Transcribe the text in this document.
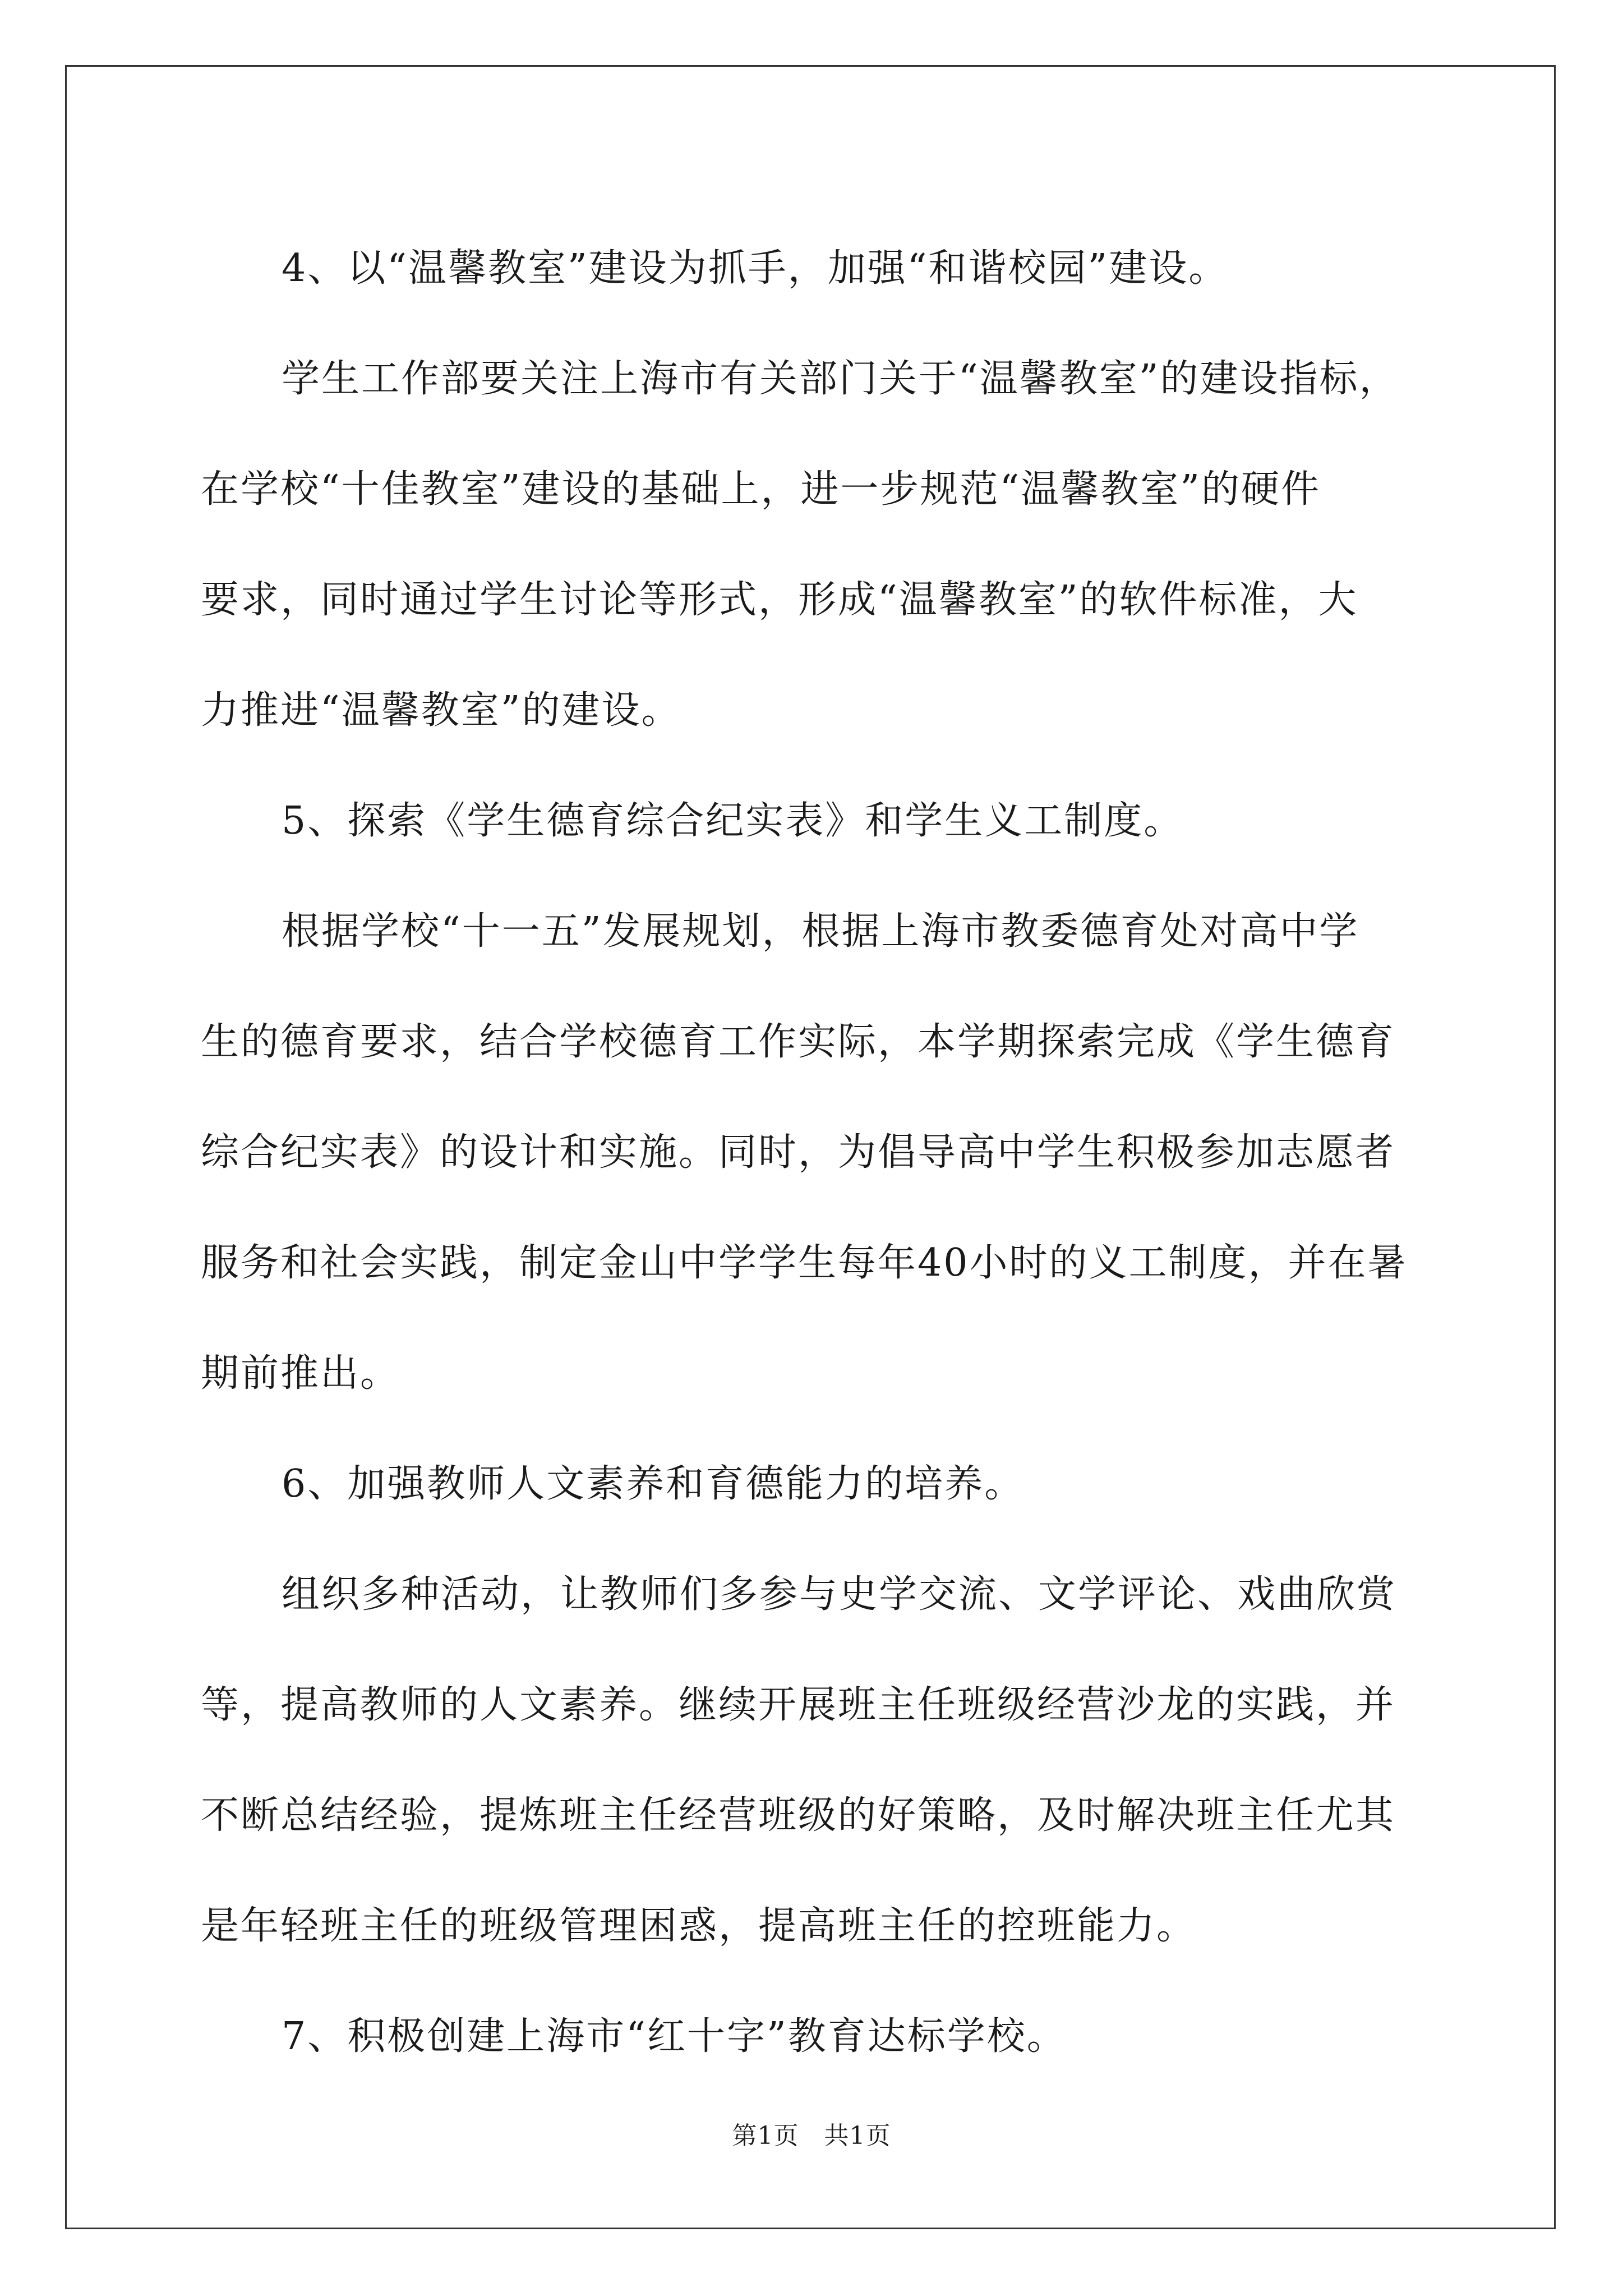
4、以“温馨教室”建设为抓手，加强“和谐校园”建设。

学生工作部要关注上海市有关部门关于“温馨教室”的建设指标，

在学校“十佳教室”建设的基础上，进一步规范“温馨教室”的硬件

要求，同时通过学生讨论等形式，形成“温馨教室”的软件标准，大

力推进“温馨教室”的建设。

5、探索《学生德育综合纪实表》和学生义工制度。

根据学校“十一五”发展规划，根据上海市教委德育处对高中学

生的德育要求，结合学校德育工作实际，本学期探索完成《学生德育

综合纪实表》的设计和实施。同时，为倡导高中学生积极参加志愿者

服务和社会实践，制定金山中学学生每年40小时的义工制度，并在暑

期前推出。

6、加强教师人文素养和育德能力的培养。

组织多种活动，让教师们多参与史学交流、文学评论、戏曲欣赏

等，提高教师的人文素养。继续开展班主任班级经营沙龙的实践，并

不断总结经验，提炼班主任经营班级的好策略，及时解决班主任尤其

是年轻班主任的班级管理困惑，提高班主任的控班能力。

7、积极创建上海市“红十字”教育达标学校。
第1页   共1页
